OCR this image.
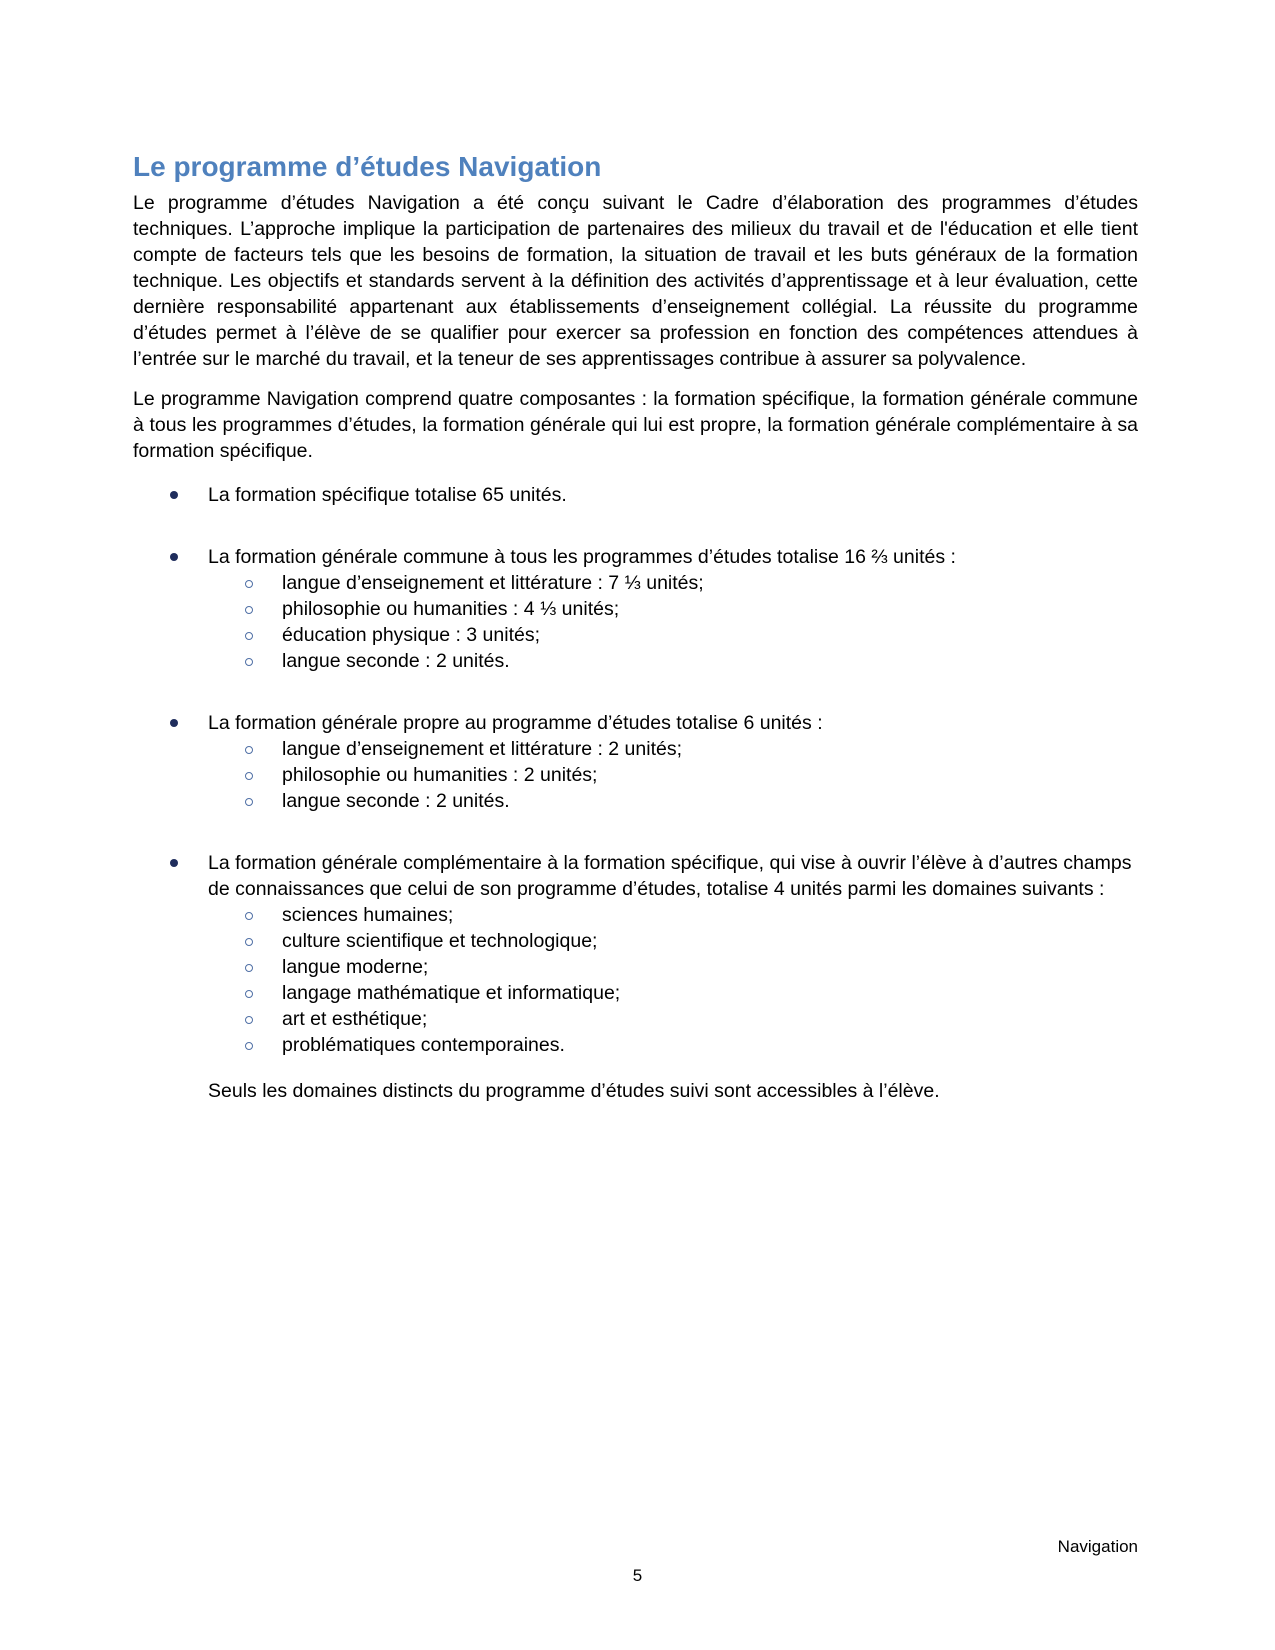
Le programme d’études Navigation

Le programme d’études Navigation a été conçu suivant le Cadre d’élaboration des programmes d’études techniques. L’approche implique la participation de partenaires des milieux du travail et de l'éducation et elle tient compte de facteurs tels que les besoins de formation, la situation de travail et les buts généraux de la formation technique. Les objectifs et standards servent à la définition des activités d’apprentissage et à leur évaluation, cette dernière responsabilité appartenant aux établissements d’enseignement collégial. La réussite du programme d’études permet à l’élève de se qualifier pour exercer sa profession en fonction des compétences attendues à l’entrée sur le marché du travail, et la teneur de ses apprentissages contribue à assurer sa polyvalence.

Le programme Navigation comprend quatre composantes : la formation spécifique, la formation générale commune à tous les programmes d’études, la formation générale qui lui est propre, la formation générale complémentaire à sa formation spécifique.

La formation spécifique totalise 65 unités.
La formation générale commune à tous les programmes d’études totalise 16 ⅔ unités :
langue d’enseignement et littérature : 7 ⅓ unités;
philosophie ou humanities : 4 ⅓ unités;
éducation physique : 3 unités;
langue seconde : 2 unités.
La formation générale propre au programme d’études totalise 6 unités :
langue d’enseignement et littérature : 2 unités;
philosophie ou humanities : 2 unités;
langue seconde : 2 unités.
La formation générale complémentaire à la formation spécifique, qui vise à ouvrir l’élève à d’autres champs de connaissances que celui de son programme d’études, totalise 4 unités parmi les domaines suivants :
sciences humaines;
culture scientifique et technologique;
langue moderne;
langage mathématique et informatique;
art et esthétique;
problématiques contemporaines.

Seuls les domaines distincts du programme d’études suivi sont accessibles à l’élève.

Navigation
5
